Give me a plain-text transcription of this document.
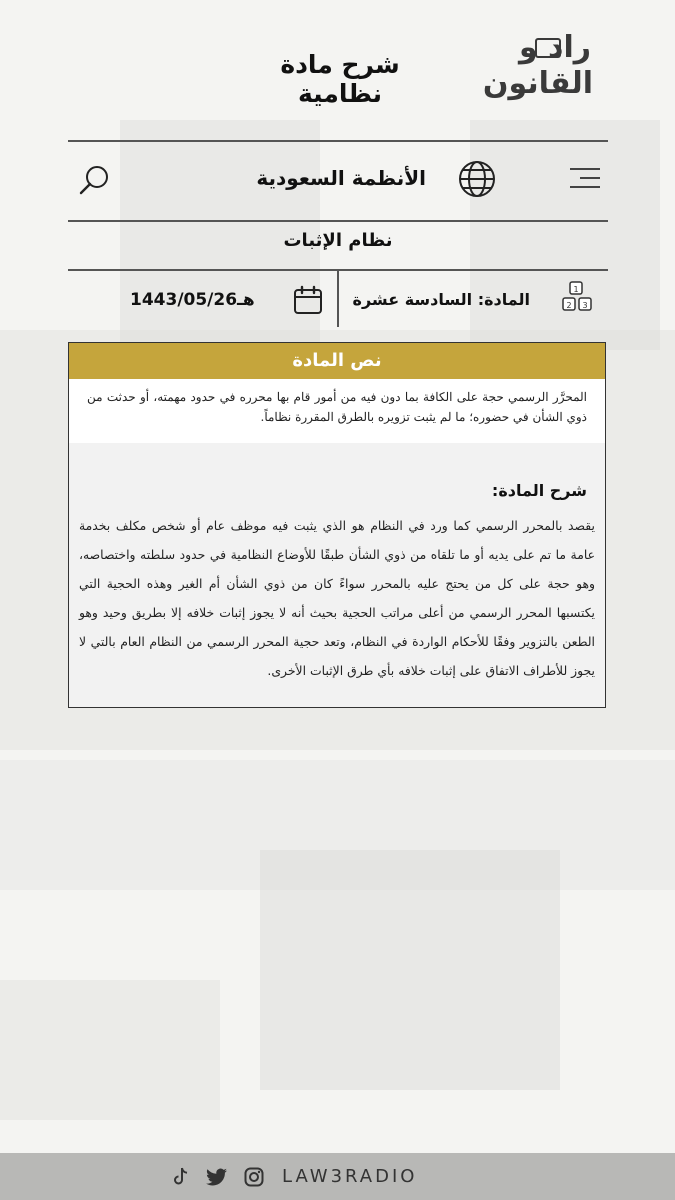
شرح مادة نظامية
راد و
القانون
الأنظمة السعودية
نظام الإثبات
1
2 3
المادة: السادسة عشرة
1443/05/26هـ
نص المادة
المحرَّر الرسمي حجة على الكافة بما دون فيه من أمور قام بها محرره في حدود مهمته، أو حدثت من ذوي الشأن في حضوره؛ ما لم يثبت تزويره بالطرق المقررة نظاماً.
شرح المادة:
يقصد بالمحرر الرسمي كما ورد في النظام هو الذي يثبت فيه موظف عام أو شخص مكلف بخدمة عامة ما تم على يديه أو ما تلقاه من ذوي الشأن طبقًا للأوضاع النظامية في حدود سلطته واختصاصه، وهو حجة على كل من يحتج عليه بالمحرر سواءً كان من ذوي الشأن أم الغير وهذه الحجية التي يكتسبها المحرر الرسمي من أعلى مراتب الحجية بحيث أنه لا يجوز إثبات خلافه إلا بطريق وحيد وهو الطعن بالتزوير وفقًا للأحكام الواردة في النظام، وتعد حجية المحرر الرسمي من النظام العام بالتي لا يجوز للأطراف الاتفاق على إثبات خلافه بأي طرق الإثبات الأخرى.
LAW3RADIO
